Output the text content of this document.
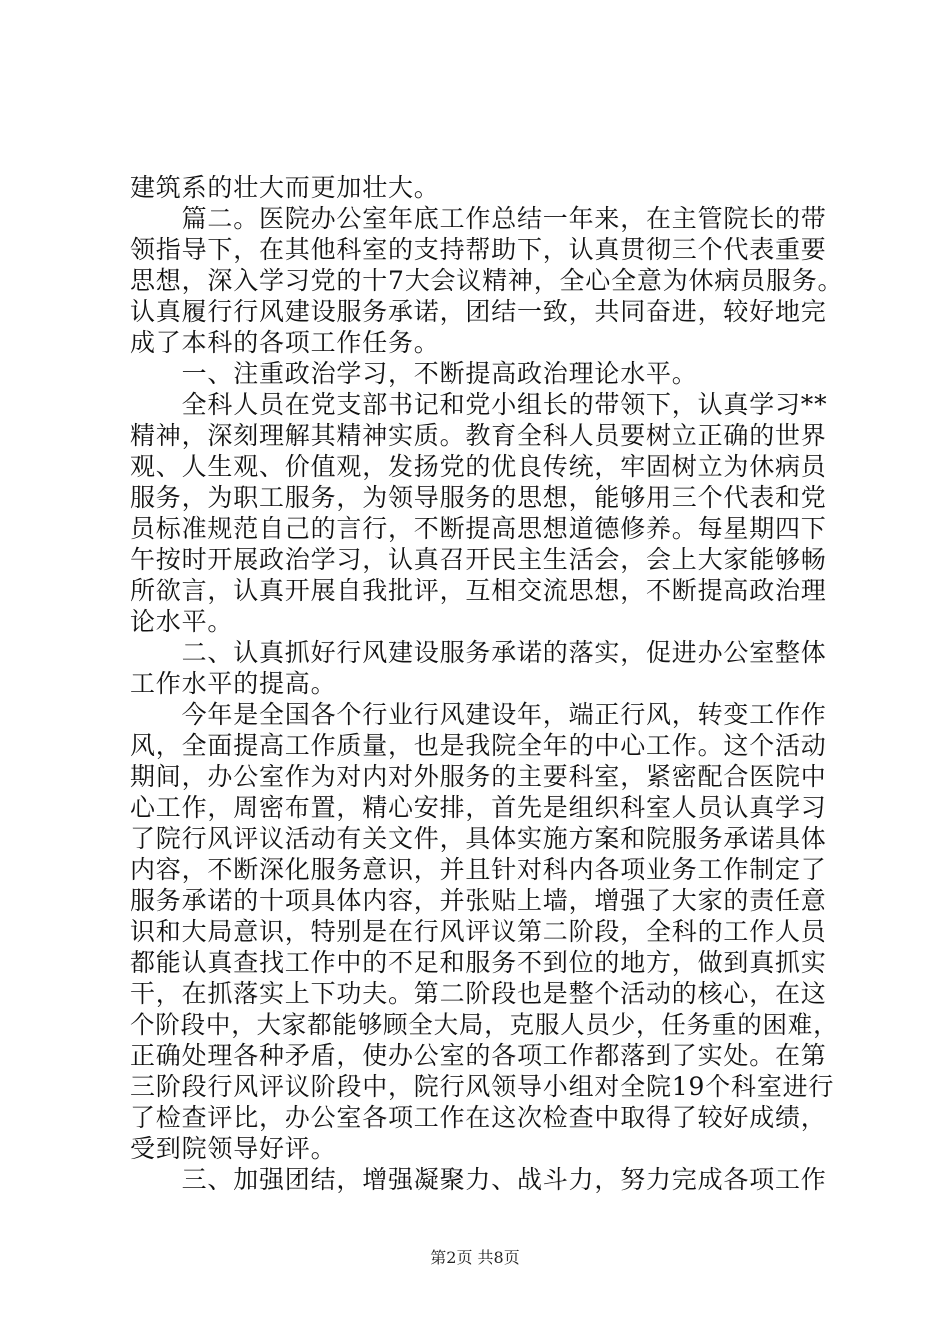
建筑系的壮大而更加壮大。
　　篇二。医院办公室年底工作总结一年来，在主管院长的带
领指导下，在其他科室的支持帮助下，认真贯彻三个代表重要
思想，深入学习党的十7大会议精神，全心全意为休病员服务。
认真履行行风建设服务承诺，团结一致，共同奋进，较好地完
成了本科的各项工作任务。
　　一、注重政治学习，不断提高政治理论水平。
　　全科人员在党支部书记和党小组长的带领下，认真学习**
精神，深刻理解其精神实质。教育全科人员要树立正确的世界
观、人生观、价值观，发扬党的优良传统，牢固树立为休病员
服务，为职工服务，为领导服务的思想，能够用三个代表和党
员标准规范自己的言行，不断提高思想道德修养。每星期四下
午按时开展政治学习，认真召开民主生活会，会上大家能够畅
所欲言，认真开展自我批评，互相交流思想，不断提高政治理
论水平。
　　二、认真抓好行风建设服务承诺的落实，促进办公室整体
工作水平的提高。
　　今年是全国各个行业行风建设年，端正行风，转变工作作
风，全面提高工作质量，也是我院全年的中心工作。这个活动
期间，办公室作为对内对外服务的主要科室，紧密配合医院中
心工作，周密布置，精心安排，首先是组织科室人员认真学习
了院行风评议活动有关文件，具体实施方案和院服务承诺具体
内容，不断深化服务意识，并且针对科内各项业务工作制定了
服务承诺的十项具体内容，并张贴上墙，增强了大家的责任意
识和大局意识，特别是在行风评议第二阶段，全科的工作人员
都能认真查找工作中的不足和服务不到位的地方，做到真抓实
干，在抓落实上下功夫。第二阶段也是整个活动的核心，在这
个阶段中，大家都能够顾全大局，克服人员少，任务重的困难，
正确处理各种矛盾，使办公室的各项工作都落到了实处。在第
三阶段行风评议阶段中，院行风领导小组对全院19个科室进行
了检查评比，办公室各项工作在这次检查中取得了较好成绩，
受到院领导好评。
　　三、加强团结，增强凝聚力、战斗力，努力完成各项工作
第2页 共8页
